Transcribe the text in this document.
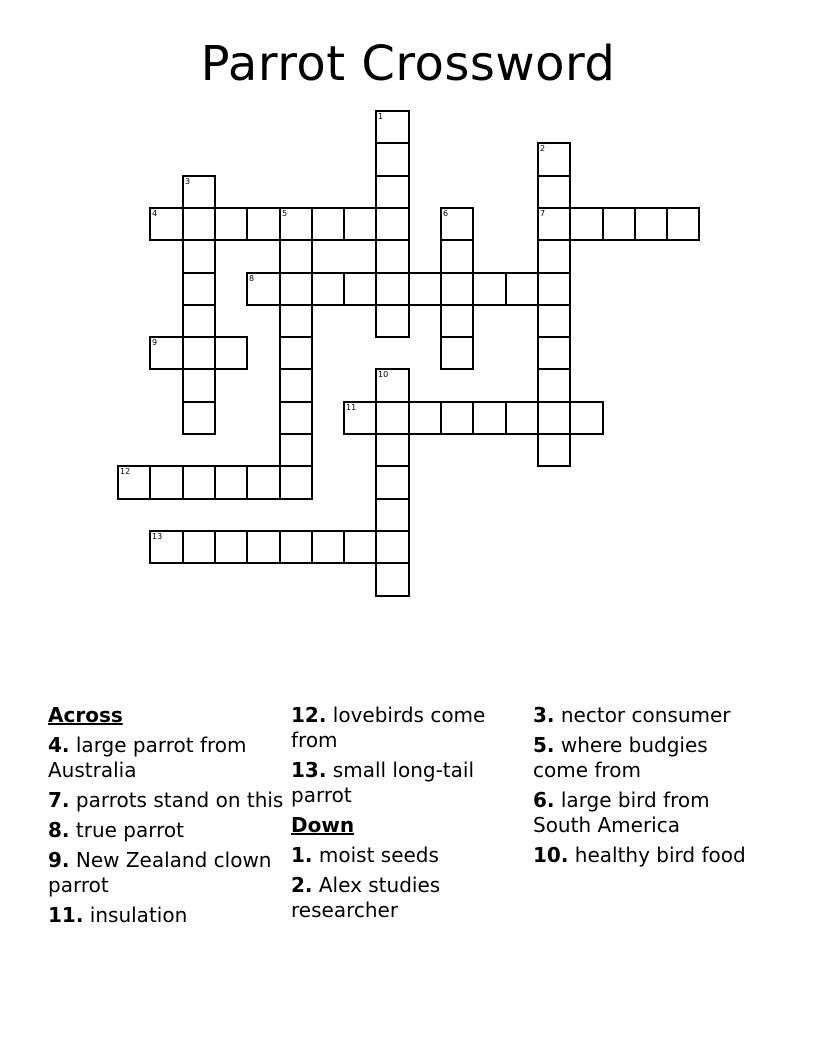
Parrot Crossword
1
2
7
3
4	5	6
8
9
10
11
12
13
Across
4. large parrot from Australia
7. parrots stand on this
8. true parrot
9. New Zealand clown parrot
11. insulation
12. lovebirds come from
13. small long-tail parrot
Down
1. moist seeds
2. Alex studies researcher
3. nector consumer
5. where budgies come from
6. large bird from South America
10. healthy bird food
